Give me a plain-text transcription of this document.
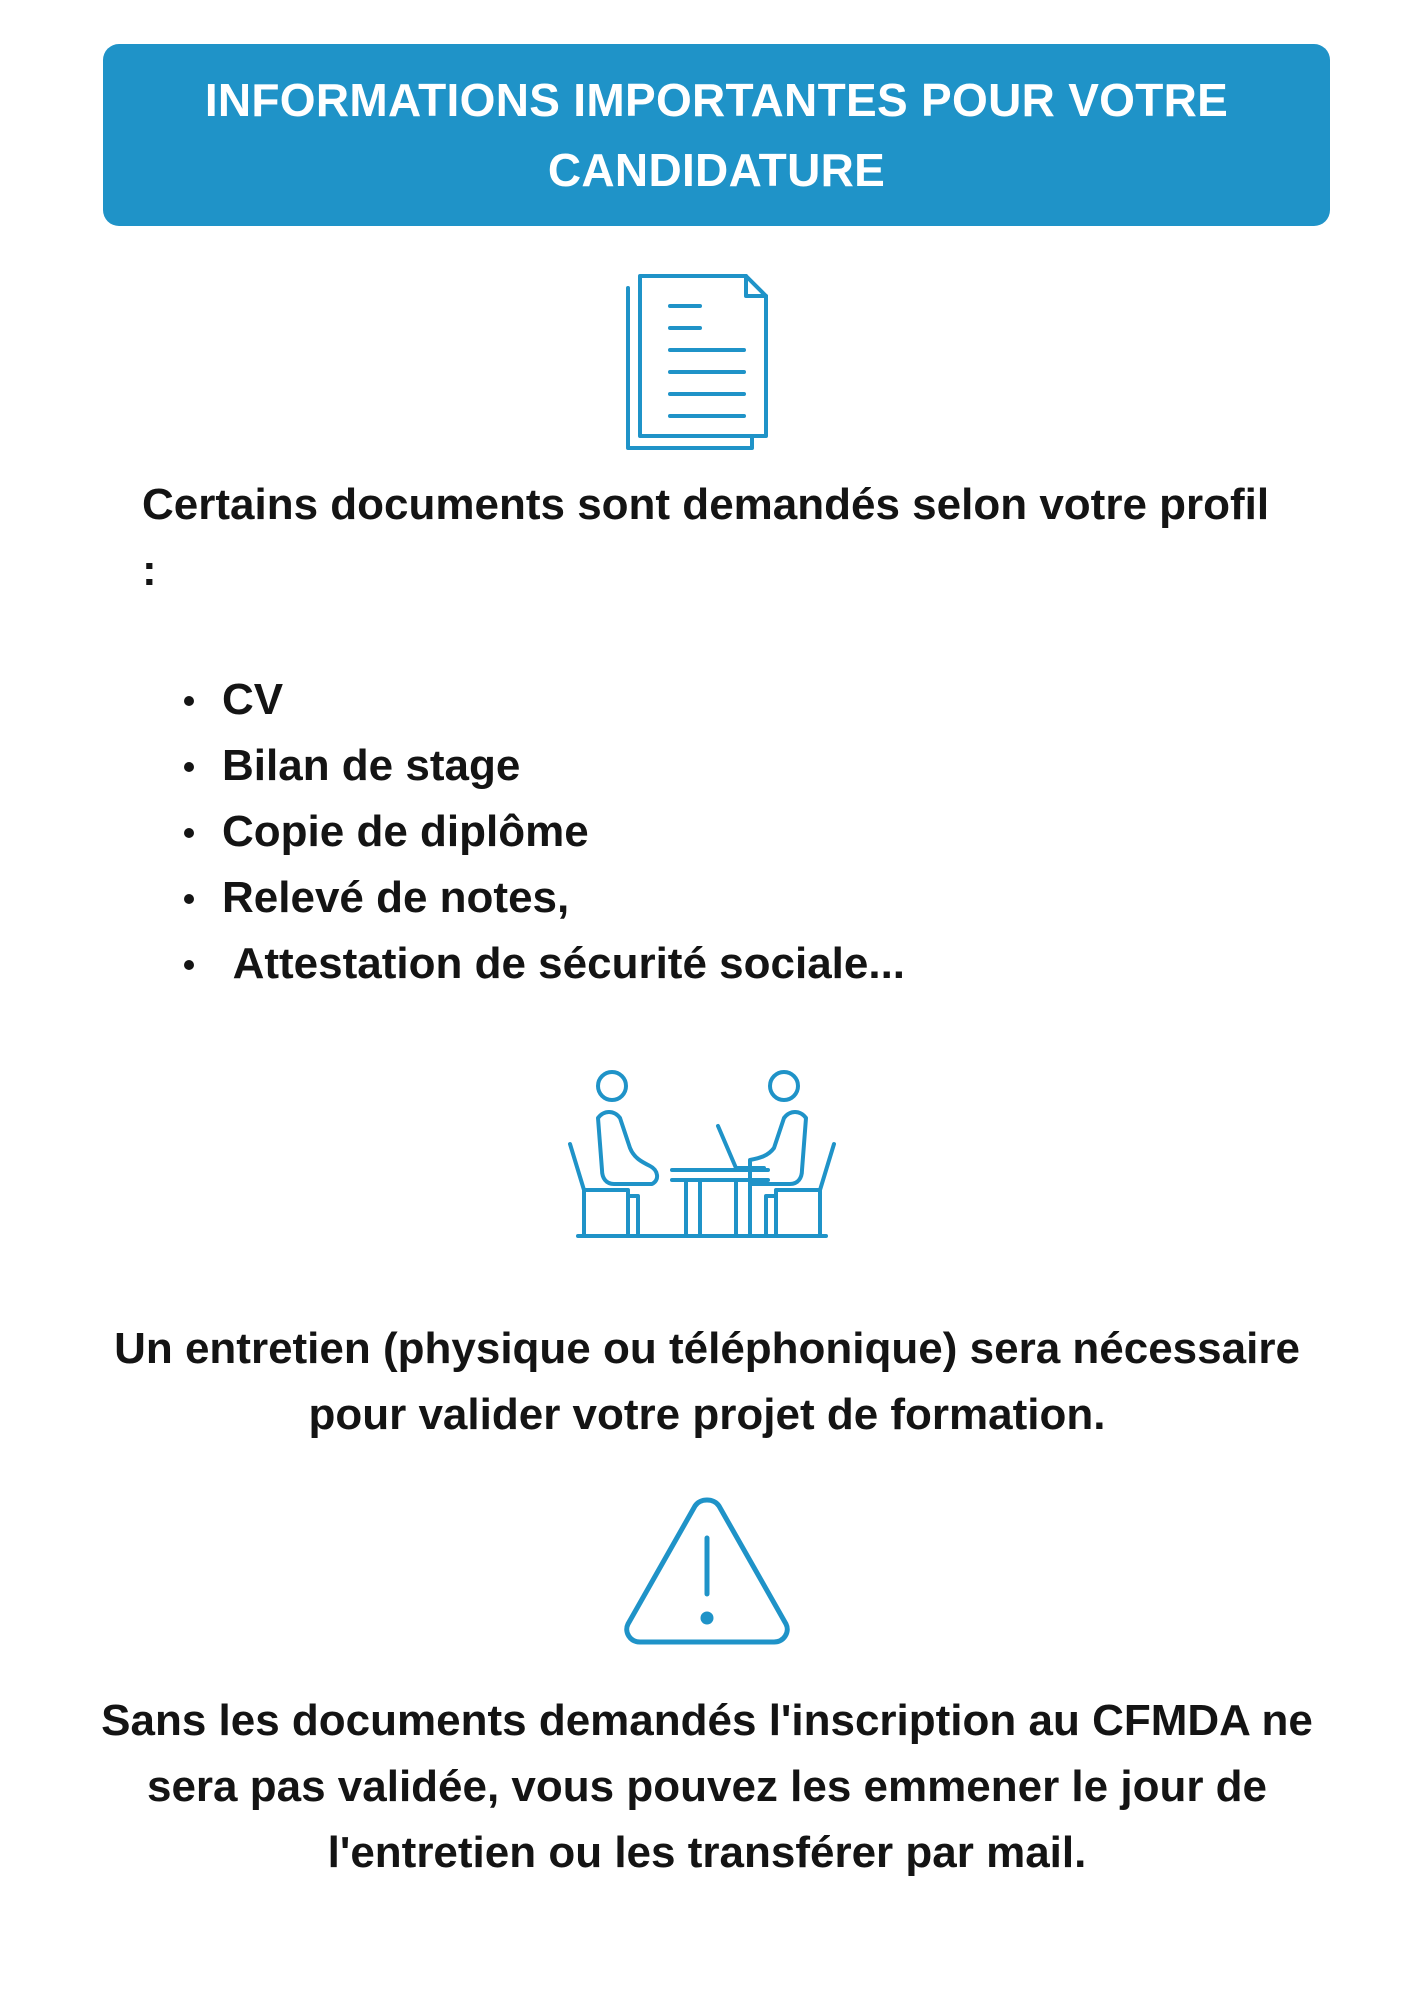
INFORMATIONS IMPORTANTES POUR VOTRE CANDIDATURE

Certains documents sont demandés selon votre profil :

CV
Bilan de stage
Copie de diplôme
Relevé de notes,
Attestation de sécurité sociale...

Un entretien (physique ou téléphonique) sera nécessaire pour valider votre projet de formation.

Sans les documents demandés l'inscription au CFMDA ne sera pas validée, vous pouvez les emmener le jour de l'entretien ou les transférer par mail.
